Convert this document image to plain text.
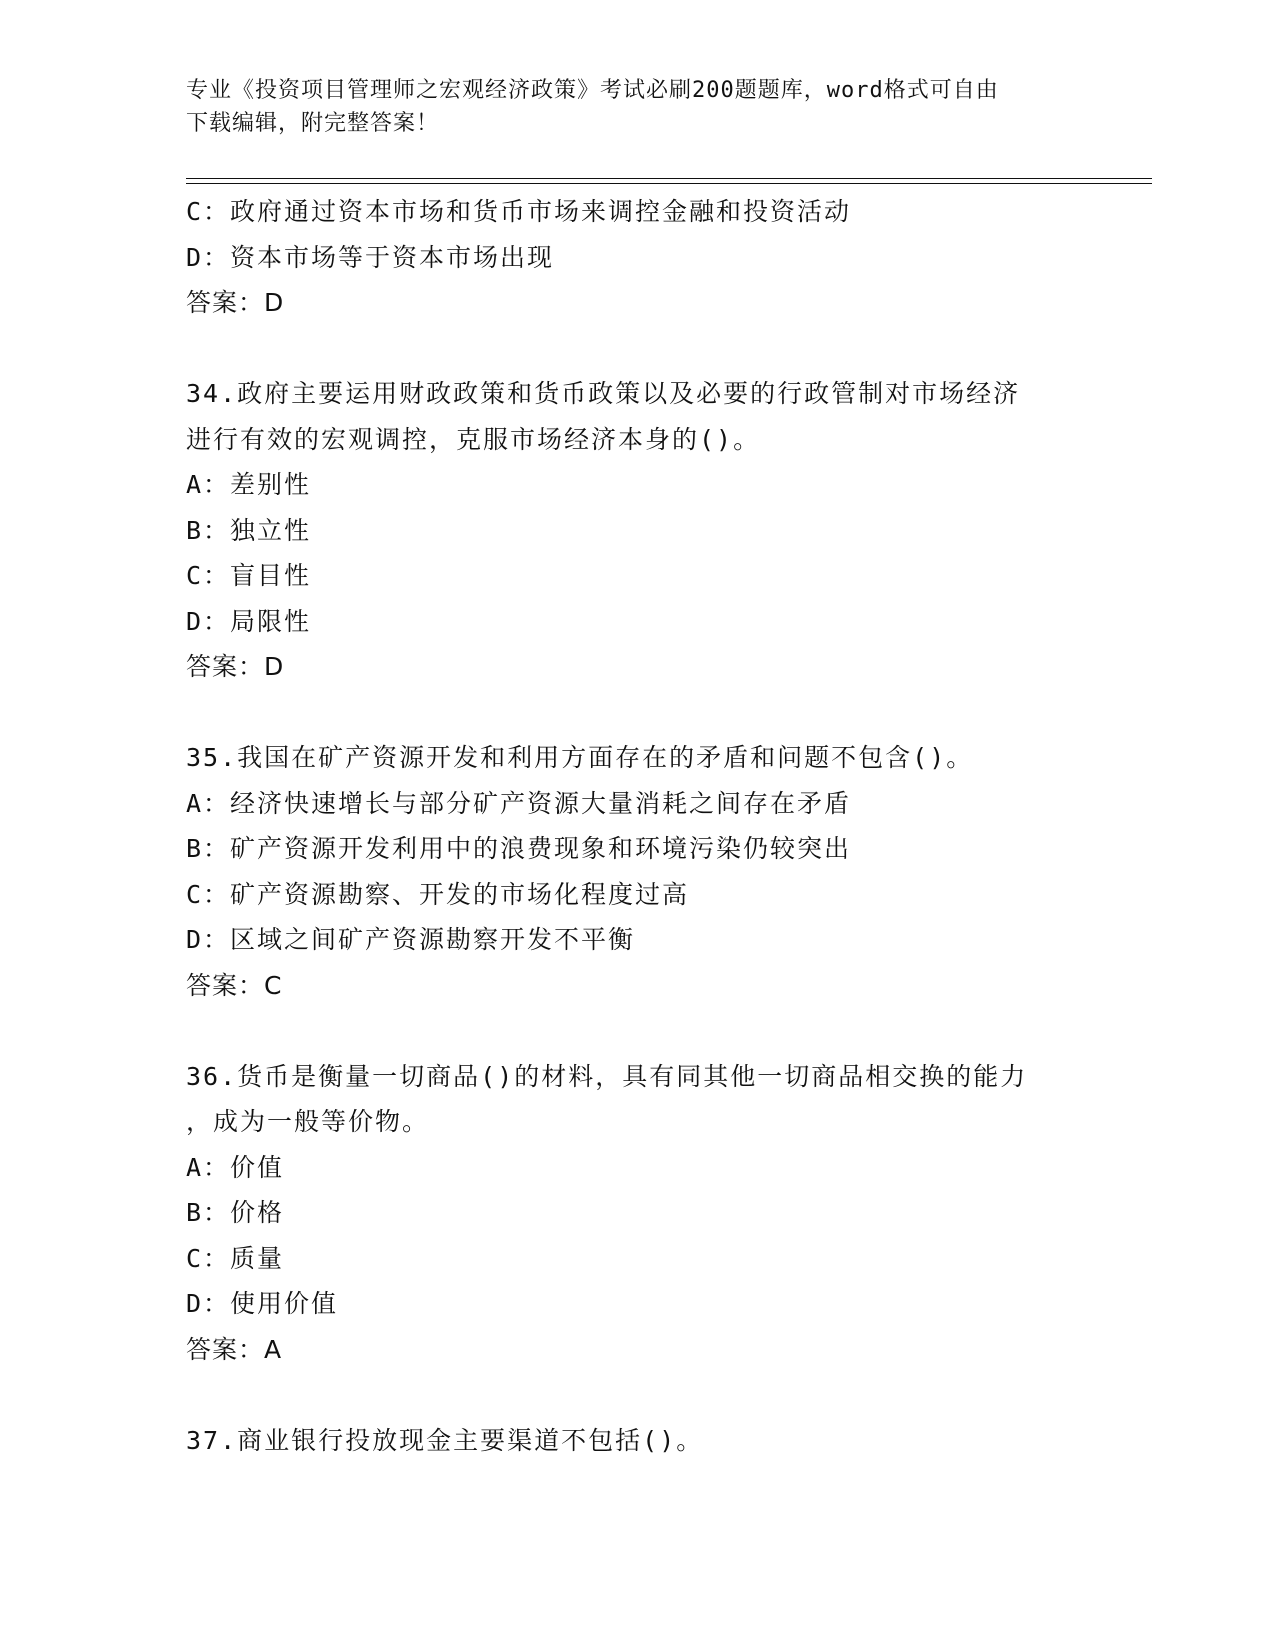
专业《投资项目管理师之宏观经济政策》考试必刷200题题库，word格式可自由
下载编辑，附完整答案！
C：政府通过资本市场和货币市场来调控金融和投资活动
D：资本市场等于资本市场出现
答案：D
34.政府主要运用财政政策和货币政策以及必要的行政管制对市场经济
进行有效的宏观调控，克服市场经济本身的()。
A：差别性
B：独立性
C：盲目性
D：局限性
答案：D
35.我国在矿产资源开发和利用方面存在的矛盾和问题不包含()。
A：经济快速增长与部分矿产资源大量消耗之间存在矛盾
B：矿产资源开发利用中的浪费现象和环境污染仍较突出
C：矿产资源勘察、开发的市场化程度过高
D：区域之间矿产资源勘察开发不平衡
答案：C
36.货币是衡量一切商品()的材料，具有同其他一切商品相交换的能力
，成为一般等价物。
A：价值
B：价格
C：质量
D：使用价值
答案：A
37.商业银行投放现金主要渠道不包括()。
